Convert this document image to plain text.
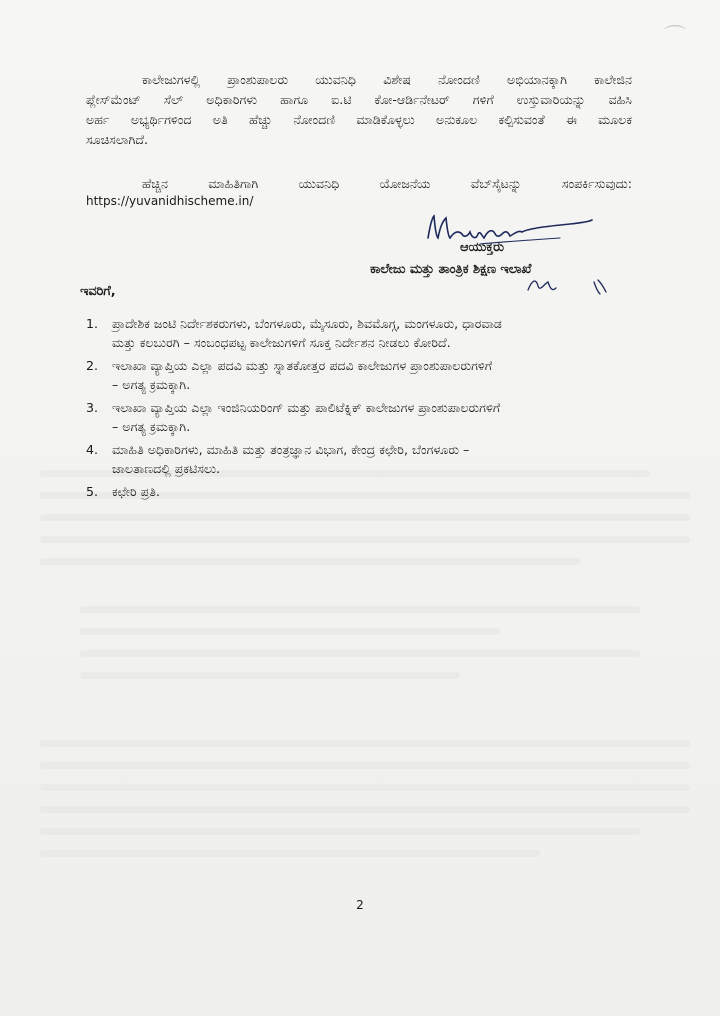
⌒

ಕಾಲೇಜುಗಳಲ್ಲಿ ಪ್ರಾಂಶುಪಾಲರು ಯುವನಿಧಿ ವಿಶೇಷ ನೋಂದಣಿ ಅಭಿಯಾನಕ್ಕಾಗಿ ಕಾಲೇಜಿನ
ಪ್ಲೇಸ್‌ಮೆಂಟ್ ಸೆಲ್ ಅಧಿಕಾರಿಗಳು ಹಾಗೂ ಐ.ಟಿ ಕೋ-ಆರ್ಡಿನೇಟರ್ ಗಳಿಗೆ ಉಸ್ತುವಾರಿಯನ್ನು ವಹಿಸಿ
ಅರ್ಹ ಅಭ್ಯರ್ಥಿಗಳಿಂದ ಅತಿ ಹೆಚ್ಚು ನೋಂದಣಿ ಮಾಡಿಕೊಳ್ಳಲು ಅನುಕೂಲ ಕಲ್ಪಿಸುವಂತೆ ಈ ಮೂಲಕ
ಸೂಚಿಸಲಾಗಿದೆ.

ಹೆಚ್ಚಿನ ಮಾಹಿತಿಗಾಗಿ ಯುವನಿಧಿ ಯೋಜನೆಯ ವೆಬ್‌ಸೈಟನ್ನು ಸಂಪರ್ಕಿಸುವುದು:

https://yuvanidhischeme.in/
ಆಯುಕ್ತರು
ಕಾಲೇಜು ಮತ್ತು ತಾಂತ್ರಿಕ ಶಿಕ್ಷಣ ಇಲಾಖೆ
ಇವರಿಗೆ,
1. ಪ್ರಾದೇಶಿಕ ಜಂಟಿ ನಿರ್ದೇಶಕರುಗಳು, ಬೆಂಗಳೂರು, ಮೈಸೂರು, ಶಿವಮೊಗ್ಗ, ಮಂಗಳೂರು, ಧಾರವಾಡ
ಮತ್ತು ಕಲಬುರಗಿ – ಸಂಬಂಧಪಟ್ಟ ಕಾಲೇಜುಗಳಿಗೆ ಸೂಕ್ತ ನಿರ್ದೇಶನ ನೀಡಲು ಕೋರಿದೆ.
2. ಇಲಾಖಾ ವ್ಯಾಪ್ತಿಯ ಎಲ್ಲಾ ಪದವಿ ಮತ್ತು ಸ್ನಾತಕೋತ್ತರ ಪದವಿ ಕಾಲೇಜುಗಳ ಪ್ರಾಂಶುಪಾಲರುಗಳಿಗೆ
– ಅಗತ್ಯ ಕ್ರಮಕ್ಕಾಗಿ.
3. ಇಲಾಖಾ ವ್ಯಾಪ್ತಿಯ ಎಲ್ಲಾ ಇಂಜಿನಿಯರಿಂಗ್ ಮತ್ತು ಪಾಲಿಟೆಕ್ನಿಕ್ ಕಾಲೇಜುಗಳ ಪ್ರಾಂಶುಪಾಲರುಗಳಿಗೆ
– ಅಗತ್ಯ ಕ್ರಮಕ್ಕಾಗಿ.
4. ಮಾಹಿತಿ ಅಧಿಕಾರಿಗಳು, ಮಾಹಿತಿ ಮತ್ತು ತಂತ್ರಜ್ಞಾನ ವಿಭಾಗ, ಕೇಂದ್ರ ಕಛೇರಿ, ಬೆಂಗಳೂರು –
ಜಾಲತಾಣದಲ್ಲಿ ಪ್ರಕಟಿಸಲು.
5. ಕಛೇರಿ ಪ್ರತಿ.
2
